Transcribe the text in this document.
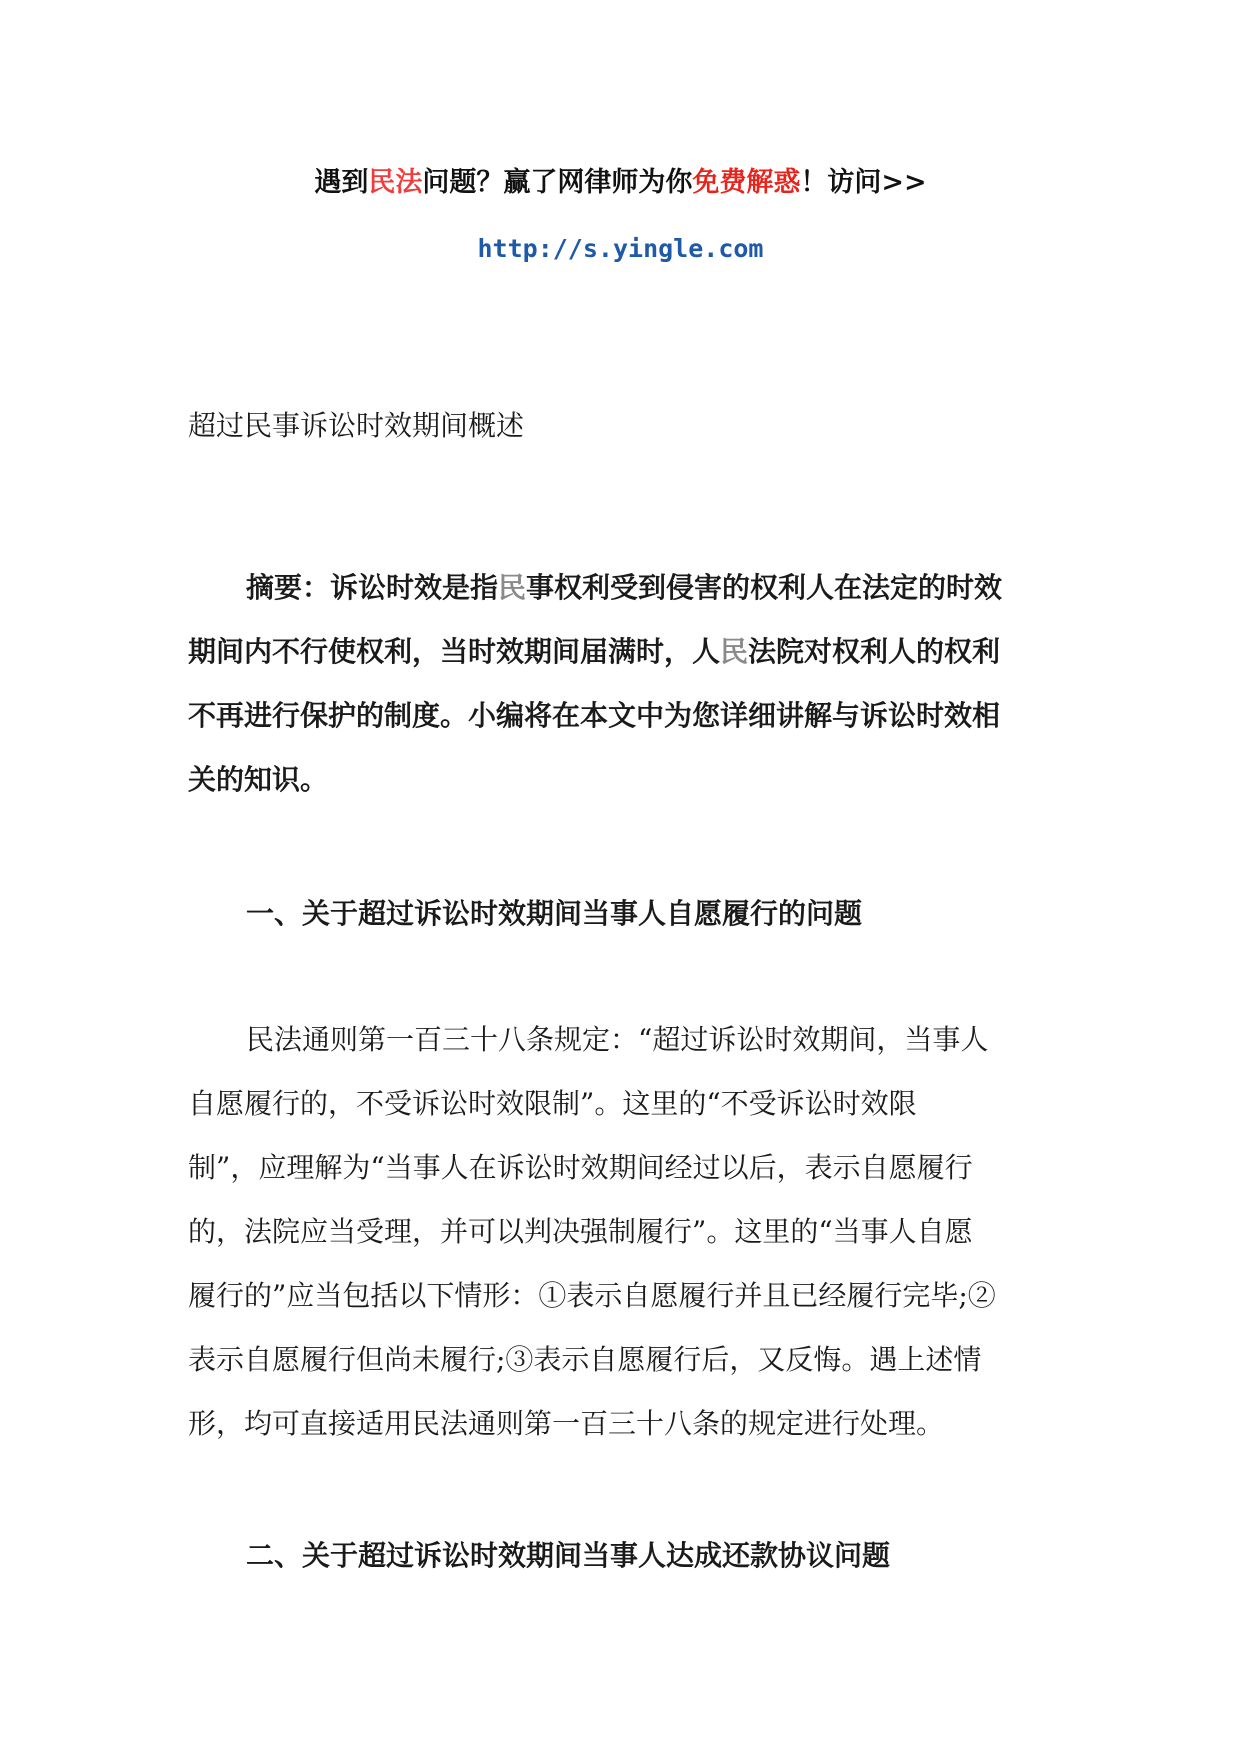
遇到民法问题？赢了网律师为你免费解惑！访问>>
http://s.yingle.com
超过民事诉讼时效期间概述
摘要：诉讼时效是指民事权利受到侵害的权利人在法定的时效
期间内不行使权利，当时效期间届满时，人民法院对权利人的权利
不再进行保护的制度。小编将在本文中为您详细讲解与诉讼时效相
关的知识。
一、关于超过诉讼时效期间当事人自愿履行的问题
民法通则第一百三十八条规定：“超过诉讼时效期间，当事人
自愿履行的，不受诉讼时效限制”。这里的“不受诉讼时效限
制”，应理解为“当事人在诉讼时效期间经过以后，表示自愿履行
的，法院应当受理，并可以判决强制履行”。这里的“当事人自愿
履行的”应当包括以下情形：①表示自愿履行并且已经履行完毕;②
表示自愿履行但尚未履行;③表示自愿履行后，又反悔。遇上述情
形，均可直接适用民法通则第一百三十八条的规定进行处理。
二、关于超过诉讼时效期间当事人达成还款协议问题
